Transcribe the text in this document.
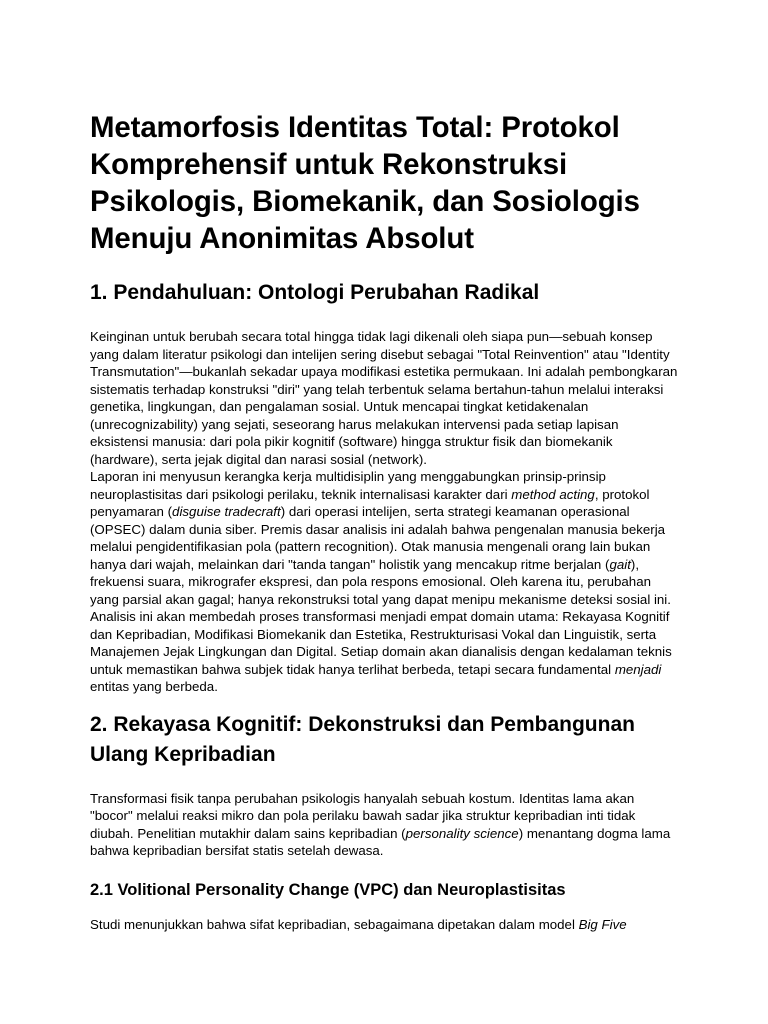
Metamorfosis Identitas Total: Protokol Komprehensif untuk Rekonstruksi Psikologis, Biomekanik, dan Sosiologis Menuju Anonimitas Absolut
1. Pendahuluan: Ontologi Perubahan Radikal

Keinginan untuk berubah secara total hingga tidak lagi dikenali oleh siapa pun—sebuah konsep yang dalam literatur psikologi dan intelijen sering disebut sebagai "Total Reinvention" atau "Identity Transmutation"—bukanlah sekadar upaya modifikasi estetika permukaan. Ini adalah pembongkaran sistematis terhadap konstruksi "diri" yang telah terbentuk selama bertahun-tahun melalui interaksi genetika, lingkungan, dan pengalaman sosial. Untuk mencapai tingkat ketidakenalan (unrecognizability) yang sejati, seseorang harus melakukan intervensi pada setiap lapisan eksistensi manusia: dari pola pikir kognitif (software) hingga struktur fisik dan biomekanik (hardware), serta jejak digital dan narasi sosial (network).

Laporan ini menyusun kerangka kerja multidisiplin yang menggabungkan prinsip-prinsip neuroplastisitas dari psikologi perilaku, teknik internalisasi karakter dari method acting, protokol penyamaran (disguise tradecraft) dari operasi intelijen, serta strategi keamanan operasional (OPSEC) dalam dunia siber. Premis dasar analisis ini adalah bahwa pengenalan manusia bekerja melalui pengidentifikasian pola (pattern recognition). Otak manusia mengenali orang lain bukan hanya dari wajah, melainkan dari "tanda tangan" holistik yang mencakup ritme berjalan (gait), frekuensi suara, mikrografer ekspresi, dan pola respons emosional. Oleh karena itu, perubahan yang parsial akan gagal; hanya rekonstruksi total yang dapat menipu mekanisme deteksi sosial ini.

Analisis ini akan membedah proses transformasi menjadi empat domain utama: Rekayasa Kognitif dan Kepribadian, Modifikasi Biomekanik dan Estetika, Restrukturisasi Vokal dan Linguistik, serta Manajemen Jejak Lingkungan dan Digital. Setiap domain akan dianalisis dengan kedalaman teknis untuk memastikan bahwa subjek tidak hanya terlihat berbeda, tetapi secara fundamental menjadi entitas yang berbeda.

2. Rekayasa Kognitif: Dekonstruksi dan Pembangunan Ulang Kepribadian

Transformasi fisik tanpa perubahan psikologis hanyalah sebuah kostum. Identitas lama akan "bocor" melalui reaksi mikro dan pola perilaku bawah sadar jika struktur kepribadian inti tidak diubah. Penelitian mutakhir dalam sains kepribadian (personality science) menantang dogma lama bahwa kepribadian bersifat statis setelah dewasa.

2.1 Volitional Personality Change (VPC) dan Neuroplastisitas

Studi menunjukkan bahwa sifat kepribadian, sebagaimana dipetakan dalam model Big Five
